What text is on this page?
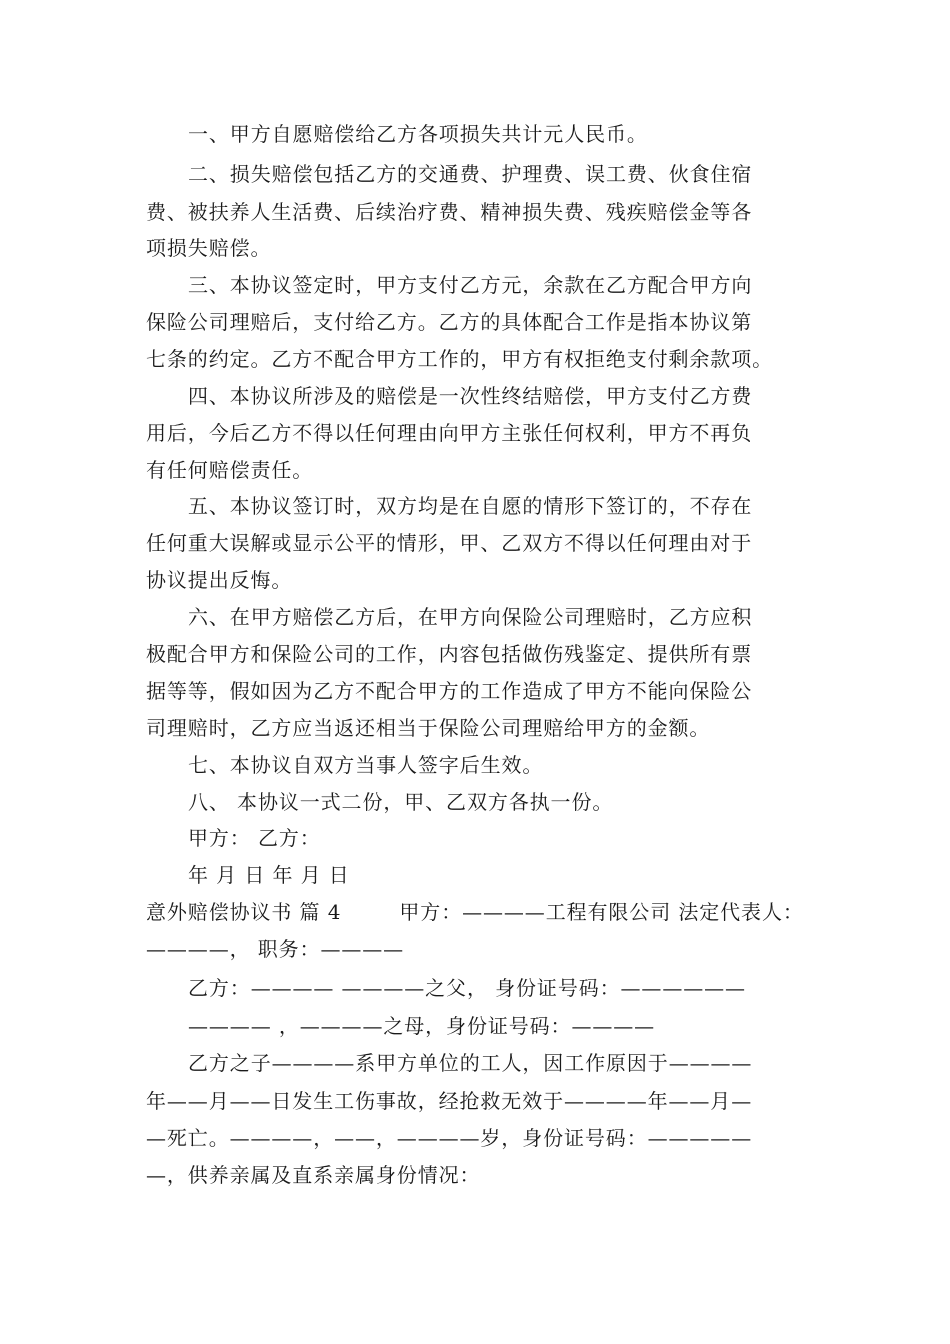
一、甲方自愿赔偿给乙方各项损失共计元人民币。
二、损失赔偿包括乙方的交通费、护理费、误工费、伙食住宿
费、被扶养人生活费、后续治疗费、精神损失费、残疾赔偿金等各
项损失赔偿。
三、本协议签定时，甲方支付乙方元，余款在乙方配合甲方向
保险公司理赔后，支付给乙方。乙方的具体配合工作是指本协议第
七条的约定。乙方不配合甲方工作的，甲方有权拒绝支付剩余款项。
四、本协议所涉及的赔偿是一次性终结赔偿，甲方支付乙方费
用后，今后乙方不得以任何理由向甲方主张任何权利，甲方不再负
有任何赔偿责任。
五、本协议签订时，双方均是在自愿的情形下签订的，不存在
任何重大误解或显示公平的情形，甲、乙双方不得以任何理由对于
协议提出反悔。
六、在甲方赔偿乙方后，在甲方向保险公司理赔时，乙方应积
极配合甲方和保险公司的工作，内容包括做伤残鉴定、提供所有票
据等等，假如因为乙方不配合甲方的工作造成了甲方不能向保险公
司理赔时，乙方应当返还相当于保险公司理赔给甲方的金额。
七、本协议自双方当事人签字后生效。
八、 本协议一式二份，甲、乙双方各执一份。
甲方： 乙方：
年 月 日 年 月 日
意外赔偿协议书 篇 4        甲方：————工程有限公司 法定代表人：
————， 职务：————
乙方：———— ————之父， 身份证号码：——————
———— ，————之母，身份证号码：————
乙方之子————系甲方单位的工人，因工作原因于————
年——月——日发生工伤事故，经抢救无效于————年——月—
—死亡。————，——，————岁，身份证号码：—————
—，供养亲属及直系亲属身份情况：
